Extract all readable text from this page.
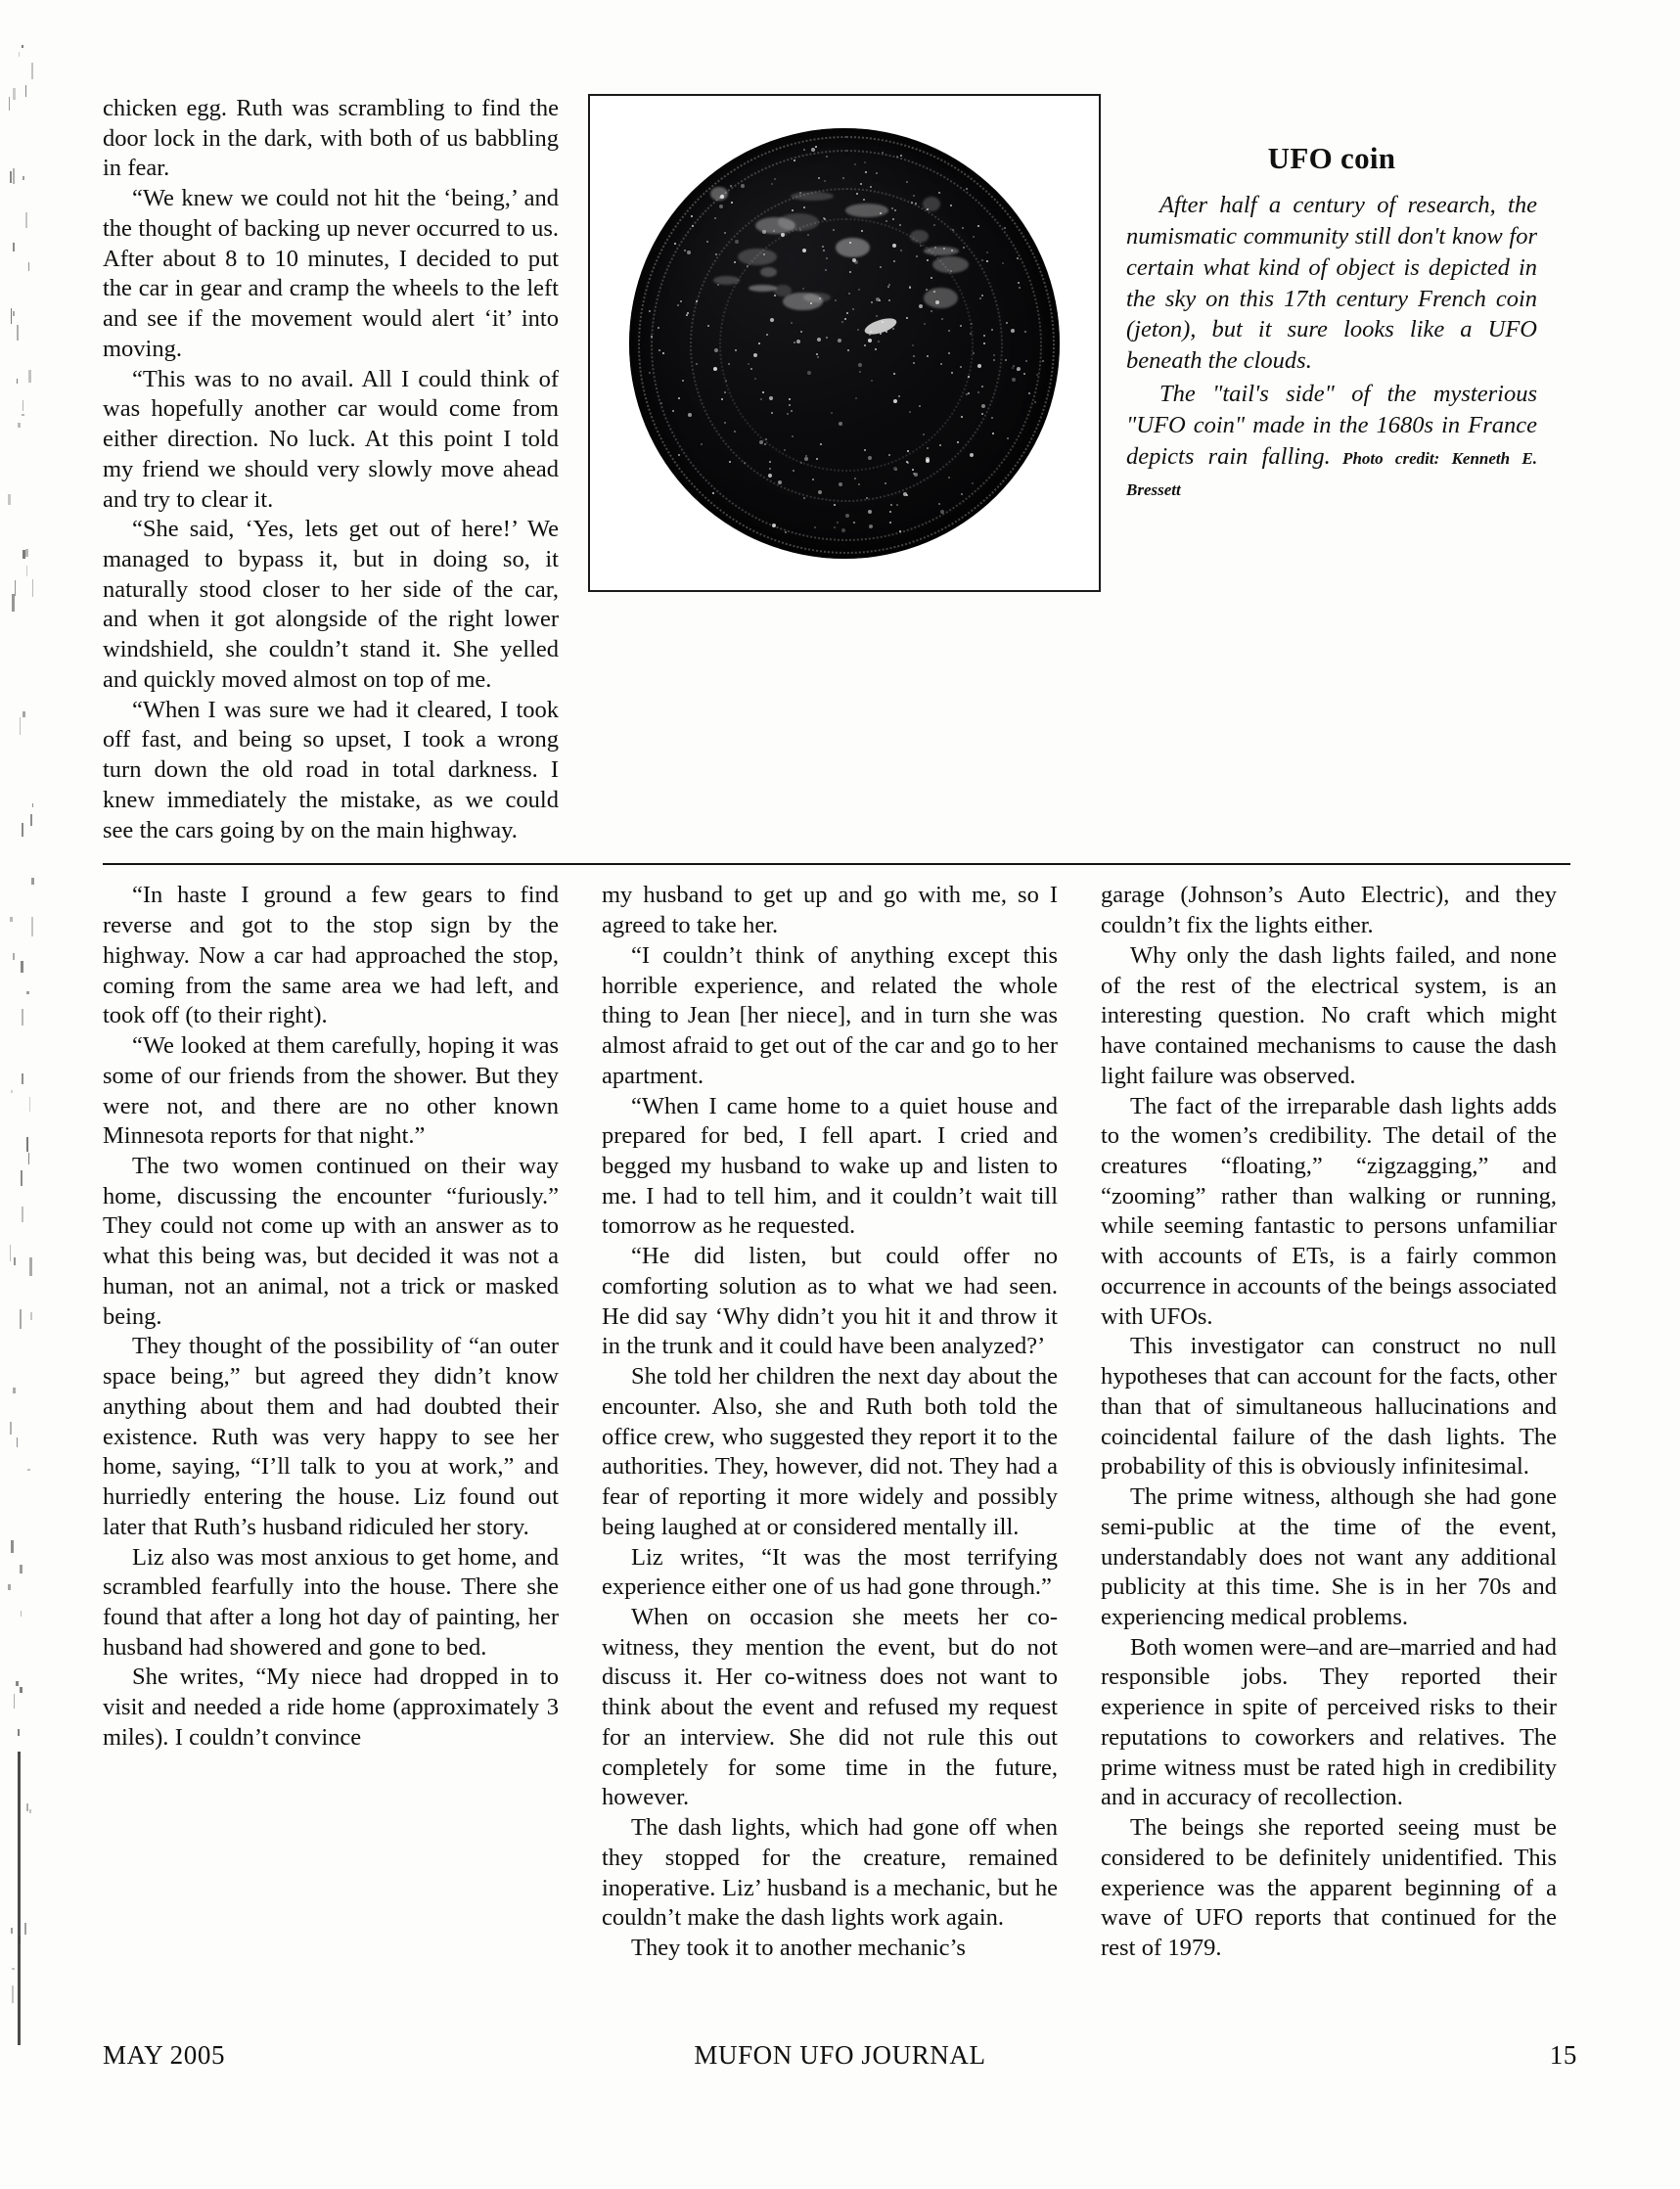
chicken egg. Ruth was scrambling to find the door lock in the dark, with both of us babbling in fear.

“We knew we could not hit the ‘being,’ and the thought of backing up never occurred to us. After about 8 to 10 minutes, I decided to put the car in gear and cramp the wheels to the left and see if the movement would alert ‘it’ into moving.

“This was to no avail. All I could think of was hopefully another car would come from either direction. No luck. At this point I told my friend we should very slowly move ahead and try to clear it.

“She said, ‘Yes, lets get out of here!’ We managed to bypass it, but in doing so, it naturally stood closer to her side of the car, and when it got alongside of the right lower windshield, she couldn’t stand it. She yelled and quickly moved almost on top of me.

“When I was sure we had it cleared, I took off fast, and being so upset, I took a wrong turn down the old road in total darkness. I knew immediately the mistake, as we could see the cars going by on the main highway.

UFO coin

After half a century of research, the numismatic community still don't know for certain what kind of object is depicted in the sky on this 17th century French coin (jeton), but it sure looks like a UFO beneath the clouds.

The "tail's side" of the mysterious "UFO coin" made in the 1680s in France depicts rain falling. Photo credit: Kenneth E. Bressett

“In haste I ground a few gears to find reverse and got to the stop sign by the highway. Now a car had approached the stop, coming from the same area we had left, and took off (to their right).

“We looked at them carefully, hoping it was some of our friends from the shower. But they were not, and there are no other known Minnesota reports for that night.”

The two women continued on their way home, discussing the encounter “furiously.” They could not come up with an answer as to what this being was, but decided it was not a human, not an animal, not a trick or masked being.

They thought of the possibility of “an outer space being,” but agreed they didn’t know anything about them and had doubted their existence. Ruth was very happy to see her home, saying, “I’ll talk to you at work,” and hurriedly entering the house. Liz found out later that Ruth’s husband ridiculed her story.

Liz also was most anxious to get home, and scrambled fearfully into the house. There she found that after a long hot day of painting, her husband had showered and gone to bed.

She writes, “My niece had dropped in to visit and needed a ride home (approximately 3 miles). I couldn’t convince

my husband to get up and go with me, so I agreed to take her.

“I couldn’t think of anything except this horrible experience, and related the whole thing to Jean [her niece], and in turn she was almost afraid to get out of the car and go to her apartment.

“When I came home to a quiet house and prepared for bed, I fell apart. I cried and begged my husband to wake up and listen to me. I had to tell him, and it couldn’t wait till tomorrow as he requested.

“He did listen, but could offer no comforting solution as to what we had seen. He did say ‘Why didn’t you hit it and throw it in the trunk and it could have been analyzed?’

She told her children the next day about the encounter. Also, she and Ruth both told the office crew, who suggested they report it to the authorities. They, however, did not. They had a fear of reporting it more widely and possibly being laughed at or considered mentally ill.

Liz writes, “It was the most terrifying experience either one of us had gone through.”

When on occasion she meets her co-witness, they mention the event, but do not discuss it. Her co-witness does not want to think about the event and refused my request for an interview. She did not rule this out completely for some time in the future, however.

The dash lights, which had gone off when they stopped for the creature, remained inoperative. Liz’ husband is a mechanic, but he couldn’t make the dash lights work again.

They took it to another mechanic’s

garage (Johnson’s Auto Electric), and they couldn’t fix the lights either.

Why only the dash lights failed, and none of the rest of the electrical system, is an interesting question. No craft which might have contained mechanisms to cause the dash light failure was observed.

The fact of the irreparable dash lights adds to the women’s credibility. The detail of the creatures “floating,” “zigzagging,” and “zooming” rather than walking or running, while seeming fantastic to persons unfamiliar with accounts of ETs, is a fairly common occurrence in accounts of the beings associated with UFOs.

This investigator can construct no null hypotheses that can account for the facts, other than that of simultaneous hallucinations and coincidental failure of the dash lights. The probability of this is obviously infinitesimal.

The prime witness, although she had gone semi-public at the time of the event, understandably does not want any additional publicity at this time. She is in her 70s and experiencing medical problems.

Both women were–and are–married and had responsible jobs. They reported their experience in spite of perceived risks to their reputations to coworkers and relatives. The prime witness must be rated high in credibility and in accuracy of recollection.

The beings she reported seeing must be considered to be definitely unidentified. This experience was the apparent beginning of a wave of UFO reports that continued for the rest of 1979.

MAY 2005	MUFON UFO JOURNAL	15
